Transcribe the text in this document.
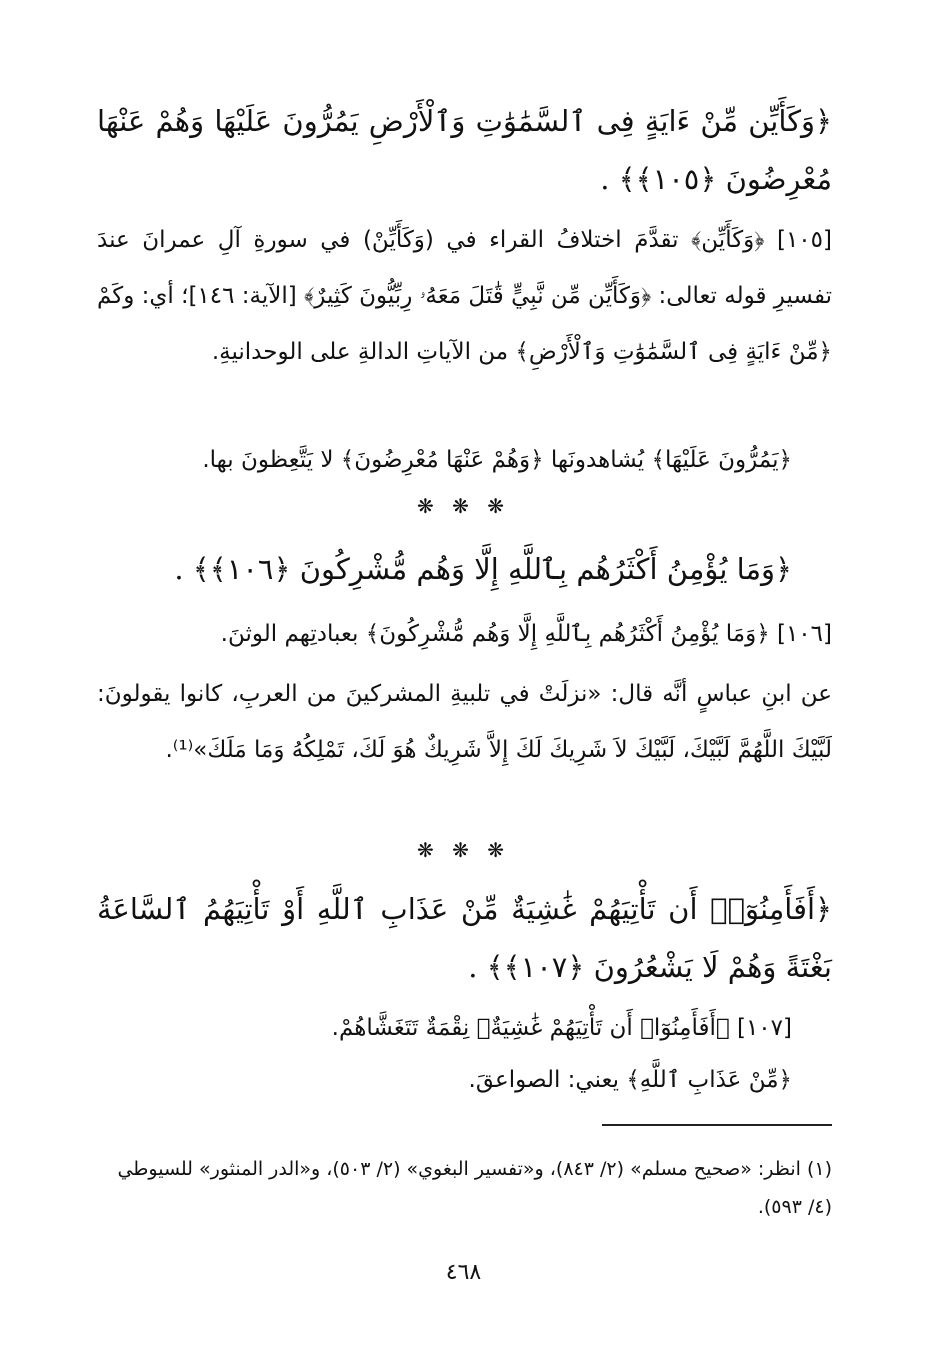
﴿وَكَأَيِّن مِّنْ ءَايَةٍ فِى ٱلسَّمَٰوَٰتِ وَٱلْأَرْضِ يَمُرُّونَ عَلَيْهَا وَهُمْ عَنْهَا مُعْرِضُونَ ﴿١٠٥﴾﴾ .
[١٠٥] ﴿وَكَأَيِّن﴾ تقدَّمَ اختلافُ القراء في (وَكَأَيِّنْ) في سورةِ آلِ عمرانَ عندَ تفسيرِ قوله تعالى: ﴿وَكَأَيِّن مِّن نَّبِيٍّ قَٰتَلَ مَعَهُۥ رِبِّيُّونَ كَثِيرٌ﴾ [الآية: ١٤٦]؛ أي: وكَمْ ﴿مِّنْ ءَايَةٍ فِى ٱلسَّمَٰوَٰتِ وَٱلْأَرْضِ﴾ من الآياتِ الدالةِ على الوحدانيةِ.
﴿يَمُرُّونَ عَلَيْهَا﴾ يُشاهدونَها ﴿وَهُمْ عَنْهَا مُعْرِضُونَ﴾ لا يَتَّعِظونَ بها.
❋ ❋ ❋
﴿وَمَا يُؤْمِنُ أَكْثَرُهُم بِٱللَّهِ إِلَّا وَهُم مُّشْرِكُونَ ﴿١٠٦﴾﴾ .
[١٠٦] ﴿وَمَا يُؤْمِنُ أَكْثَرُهُم بِٱللَّهِ إِلَّا وَهُم مُّشْرِكُونَ﴾ بعبادتِهم الوثنَ.
عن ابنِ عباسٍ أنَّه قال: «نزلَتْ في تلبيةِ المشركينَ من العربِ، كانوا يقولونَ: لَبَّيْكَ اللَّهُمَّ لَبَّيْكَ، لَبَّيْكَ لاَ شَرِيكَ لَكَ إِلاَّ شَرِيكٌ هُوَ لَكَ، تَمْلِكُهُ وَمَا مَلَكَ»⁽¹⁾.
❋ ❋ ❋
﴿أَفَأَمِنُوٓا۟ أَن تَأْتِيَهُمْ غَٰشِيَةٌ مِّنْ عَذَابِ ٱللَّهِ أَوْ تَأْتِيَهُمُ ٱلسَّاعَةُ بَغْتَةً وَهُمْ لَا يَشْعُرُونَ ﴿١٠٧﴾﴾ .
[١٠٧] ﴿أَفَأَمِنُوٓا۟ أَن تَأْتِيَهُمْ غَٰشِيَةٌ﴾ نِقْمَةٌ تَتَغَشَّاهُمْ.
﴿مِّنْ عَذَابِ ٱللَّهِ﴾ يعني: الصواعقَ.
(١) انظر: «صحيح مسلم» (٢/ ٨٤٣)، و«تفسير البغوي» (٢/ ٥٠٣)، و«الدر المنثور» للسيوطي (٤/ ٥٩٣).
٤٦٨
